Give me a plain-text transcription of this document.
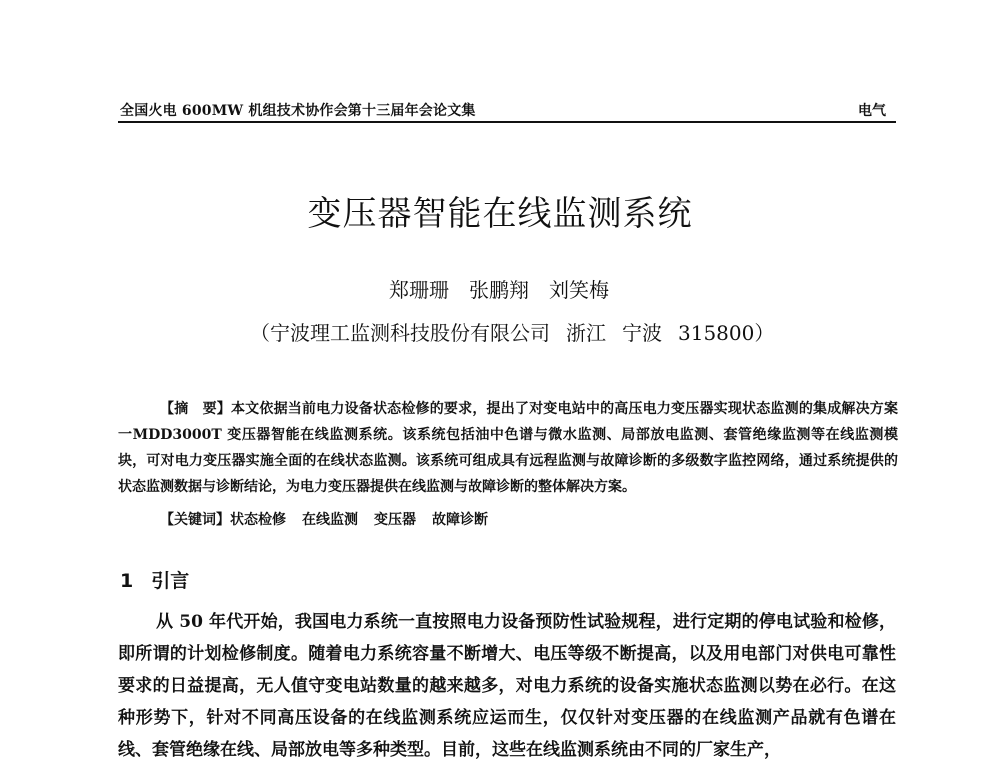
全国火电 600MW 机组技术协作会第十三届年会论文集	电气
变压器智能在线监测系统
郑珊珊 张鹏翔 刘笑梅
（宁波理工监测科技股份有限公司 浙江 宁波 315800）
【摘　要】本文依据当前电力设备状态检修的要求，提出了对变电站中的高压电力变压器实现状态监测的集成解决方案一MDD3000T 变压器智能在线监测系统。该系统包括油中色谱与微水监测、局部放电监测、套管绝缘监测等在线监测模块，可对电力变压器实施全面的在线状态监测。该系统可组成具有远程监测与故障诊断的多级数字监控网络，通过系统提供的状态监测数据与诊断结论，为电力变压器提供在线监测与故障诊断的整体解决方案。
【关键词】状态检修 在线监测 变压器 故障诊断
1 引言
从 50 年代开始，我国电力系统一直按照电力设备预防性试验规程，进行定期的停电试验和检修，即所谓的计划检修制度。随着电力系统容量不断增大、电压等级不断提高，以及用电部门对供电可靠性要求的日益提高，无人值守变电站数量的越来越多，对电力系统的设备实施状态监测以势在必行。在这种形势下，针对不同高压设备的在线监测系统应运而生，仅仅针对变压器的在线监测产品就有色谱在线、套管绝缘在线、局部放电等多种类型。目前，这些在线监测系统由不同的厂家生产，
